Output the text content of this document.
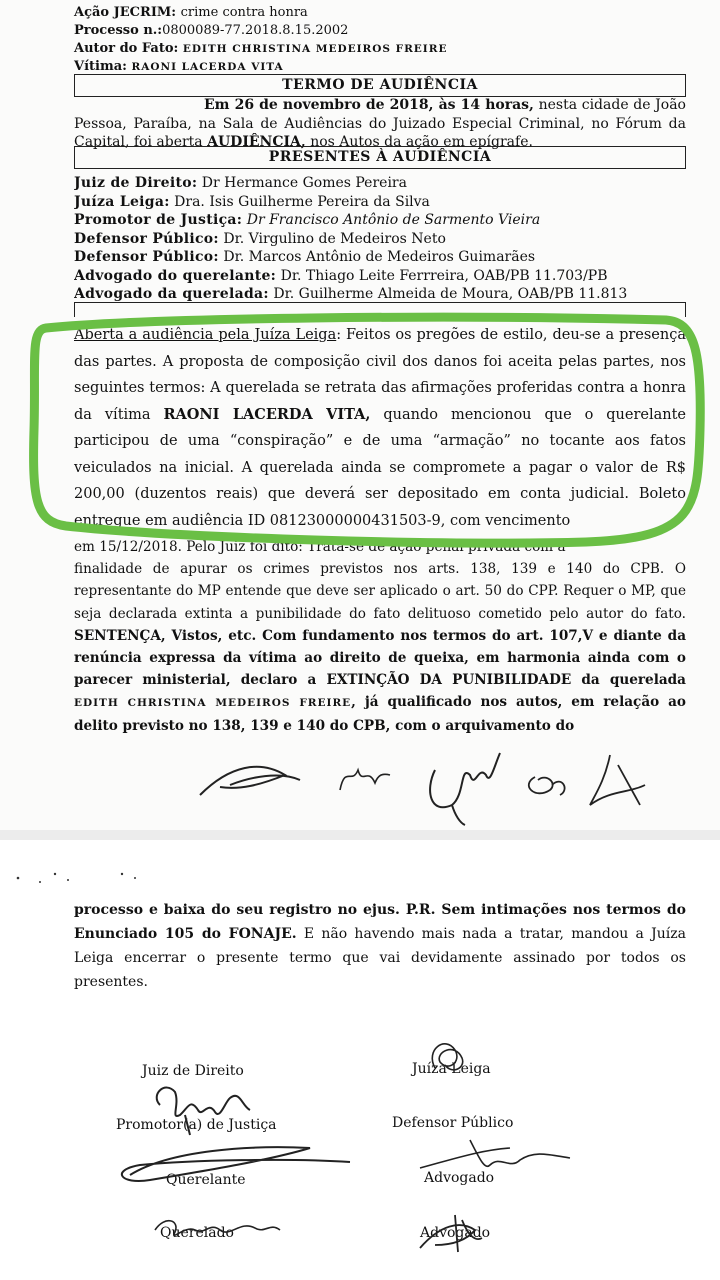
Ação JECRIM: crime contra honra
Processo n.:0800089-77.2018.8.15.2002
Autor do Fato: EDITH CHRISTINA MEDEIROS FREIRE
Vítima: RAONI LACERDA VITA
TERMO DE AUDIÊNCIA
Em 26 de novembro de 2018, às 14 horas, nesta cidade de João Pessoa, Paraíba, na Sala de Audiências do Juizado Especial Criminal, no Fórum da Capital, foi aberta AUDIÊNCIA, nos Autos da ação em epígrafe.
PRESENTES À AUDIÊNCIA
Juiz de Direito: Dr Hermance Gomes Pereira
Juíza Leiga: Dra. Isis Guilherme Pereira da Silva
Promotor de Justiça: Dr Francisco Antônio de Sarmento Vieira
Defensor Público: Dr. Virgulino de Medeiros Neto
Defensor Público: Dr. Marcos Antônio de Medeiros Guimarães
Advogado do querelante: Dr. Thiago Leite Ferrreira, OAB/PB 11.703/PB
Advogado da querelada: Dr. Guilherme Almeida de Moura, OAB/PB 11.813
Aberta a audiência pela Juíza Leiga: Feitos os pregões de estilo, deu-se a presença das partes. A proposta de composição civil dos danos foi aceita pelas partes, nos seguintes termos: A querelada se retrata das afirmações proferidas contra a honra da vítima RAONI LACERDA VITA, quando mencionou que o querelante participou de uma “conspiração” e de uma “armação” no tocante aos fatos veiculados na inicial. A querelada ainda se compromete a pagar o valor de R$ 200,00 (duzentos reais) que deverá ser depositado em conta judicial. Boleto entregue em audiência ID 08123000000431503-9, com vencimento
em 15/12/2018. Pelo Juiz foi dito: Trata-se de ação penal privada com a
finalidade de apurar os crimes previstos nos arts. 138, 139 e 140 do CPB. O representante do MP entende que deve ser aplicado o art. 50 do CPP. Requer o MP, que seja declarada extinta a punibilidade do fato delituoso cometido pelo autor do fato. SENTENÇA, Vistos, etc. Com fundamento nos termos do art. 107,V e diante da renúncia expressa da vítima ao direito de queixa, em harmonia ainda com o parecer ministerial, declaro a EXTINÇÃO DA PUNIBILIDADE da querelada EDITH CHRISTINA MEDEIROS FREIRE, já qualificado nos autos, em relação ao delito previsto no 138, 139 e 140 do CPB, com o arquivamento do
processo e baixa do seu registro no ejus. P.R. Sem intimações nos termos do Enunciado 105 do FONAJE. E não havendo mais nada a tratar, mandou a Juíza Leiga encerrar o presente termo que vai devidamente assinado por todos os presentes.
Juiz de Direito	Juíza Leiga
Promotor(a) de Justiça	Defensor Público
Querelante	Advogado
Querelado	Advogado
